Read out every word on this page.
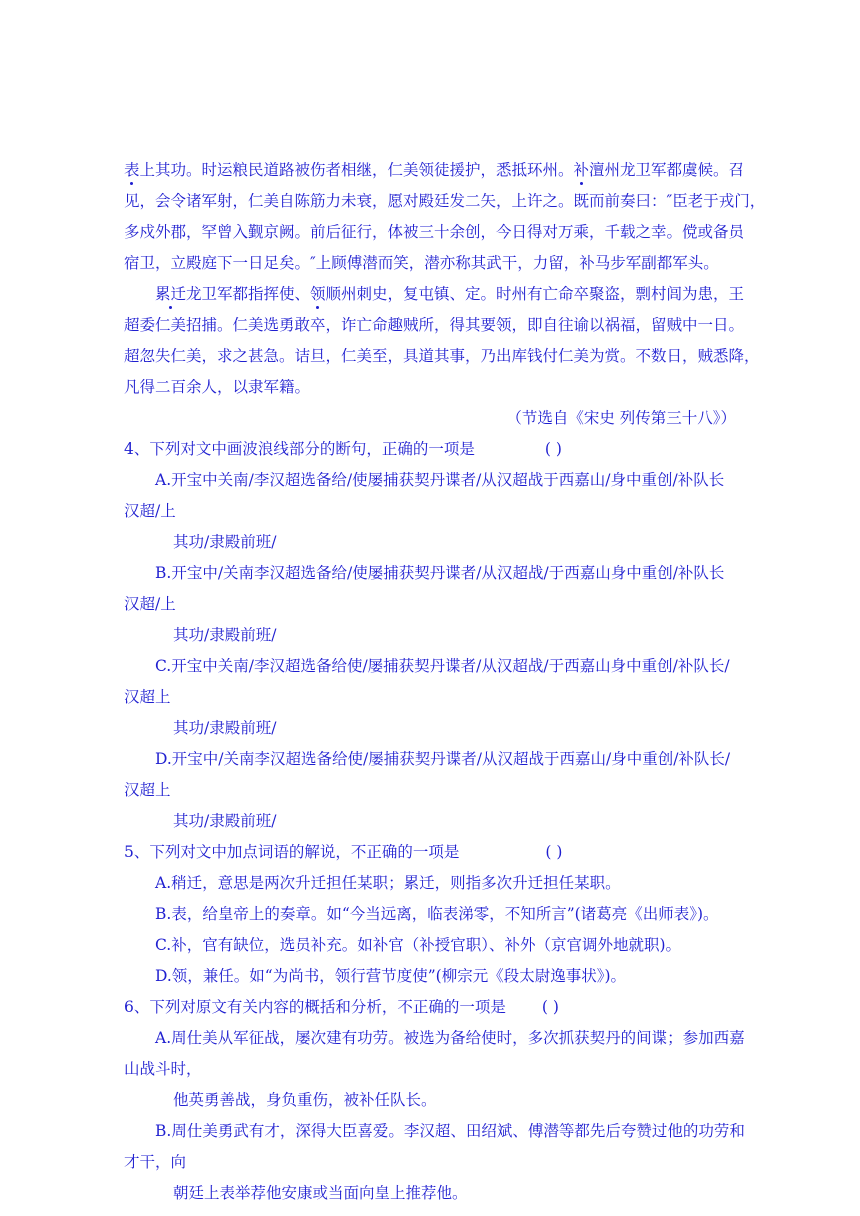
表上其功。时运粮民道路被伤者相继，仁美领徒援护，悉抵环州。补澶州龙卫军都虞候。召
见，会令诸军射，仁美自陈筋力未衰，愿对殿廷发二矢，上许之。既而前奏曰：″臣老于戎门，
多戍外郡，罕曾入觐京阙。前后征行，体被三十余创，今日得对万乘，千载之幸。傥或备员
宿卫，立殿庭下一日足矣。″上顾傅潜而笑，潜亦称其武干，力留，补马步军副都军头。
累迁龙卫军都指挥使、领顺州刺史，复屯镇、定。时州有亡命卒聚盗，剽村闾为患，王
超委仁美招捕。仁美选勇敢卒，诈亡命趣贼所，得其要领，即自往谕以祸福，留贼中一日。
超忽失仁美，求之甚急。诘旦，仁美至，具道其事，乃出库钱付仁美为赏。不数日，贼悉降，
凡得二百余人，以隶军籍。
（节选自《宋史 列传第三十八》）
4、下列对文中画波浪线部分的断句，正确的一项是	( )
A.开宝中关南/李汉超选备给/使屡捕获契丹谍者/从汉超战于西嘉山/身中重创/补队长
汉超/上
其功/隶殿前班/
B.开宝中/关南李汉超选备给/使屡捕获契丹谍者/从汉超战/于西嘉山身中重创/补队长
汉超/上
其功/隶殿前班/
C.开宝中关南/李汉超选备给使/屡捕获契丹谍者/从汉超战/于西嘉山身中重创/补队长/
汉超上
其功/隶殿前班/
D.开宝中/关南李汉超选备给使/屡捕获契丹谍者/从汉超战于西嘉山/身中重创/补队长/
汉超上
其功/隶殿前班/
5、下列对文中加点词语的解说，不正确的一项是	( )
A.稍迁，意思是两次升迁担任某职；累迁，则指多次升迁担任某职。
B.表，给皇帝上的奏章。如“今当远离，临表涕零，不知所言”(诸葛亮《出师表》)。
C.补，官有缺位，选员补充。如补官（补授官职）、补外（京官调外地就职)。
D.领，兼任。如“为尚书，领行营节度使”(柳宗元《段太尉逸事状》)。
6、下列对原文有关内容的概括和分析，不正确的一项是 ( )
A.周仕美从军征战，屡次建有功劳。被选为备给使时，多次抓获契丹的间谍；参加西嘉
山战斗时，
他英勇善战，身负重伤，被补任队长。
B.周仕美勇武有才，深得大臣喜爱。李汉超、田绍斌、傅潜等都先后夸赞过他的功劳和
才干，向
朝廷上表举荐他安康或当面向皇上推荐他。
